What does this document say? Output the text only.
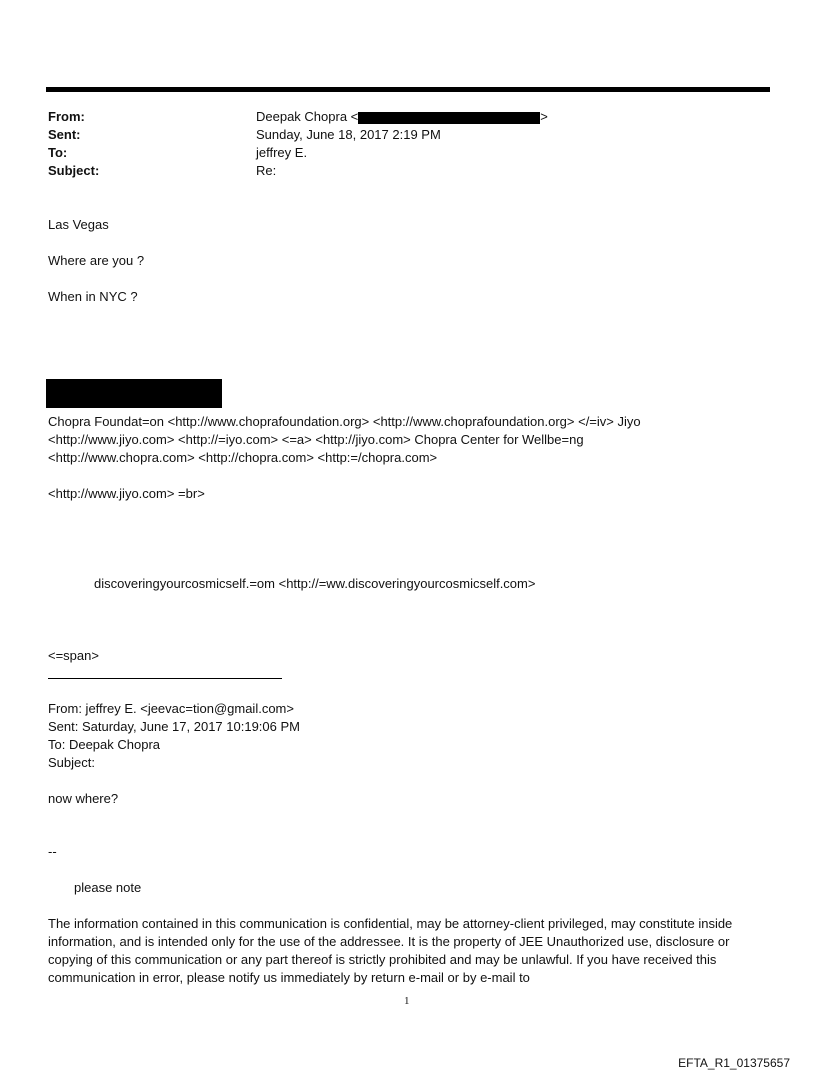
From:
Sent:
To:
Subject:
Deepak Chopra <	>
Sunday, June 18, 2017 2:19 PM
jeffrey E.
Re:
Las Vegas
Where are you ?
When in NYC ?
Chopra Foundat=on <http://www.choprafoundation.org> <http://www.choprafoundation.org> </=iv> Jiyo
<http://www.jiyo.com> <http://=iyo.com> <=a> <http://jiyo.com> Chopra Center for Wellbe=ng
<http://www.chopra.com> <http://chopra.com> <http:=/chopra.com>
<http://www.jiyo.com> =br>
discoveringyourcosmicself.=om <http://=ww.discoveringyourcosmicself.com>
<=span>
From: jeffrey E. <jeevac=tion@gmail.com>
Sent: Saturday, June 17, 2017 10:19:06 PM
To: Deepak Chopra
Subject:
now where?
--
please note
The information contained in this communication is confidential, may be attorney-client privileged, may constitute inside information, and is intended only for the use of the addressee. It is the property of JEE Unauthorized use, disclosure or copying of this communication or any part thereof is strictly prohibited and may be unlawful. If you have received this communication in error, please notify us immediately by return e-mail or by e-mail to
1
EFTA_R1_01375657
